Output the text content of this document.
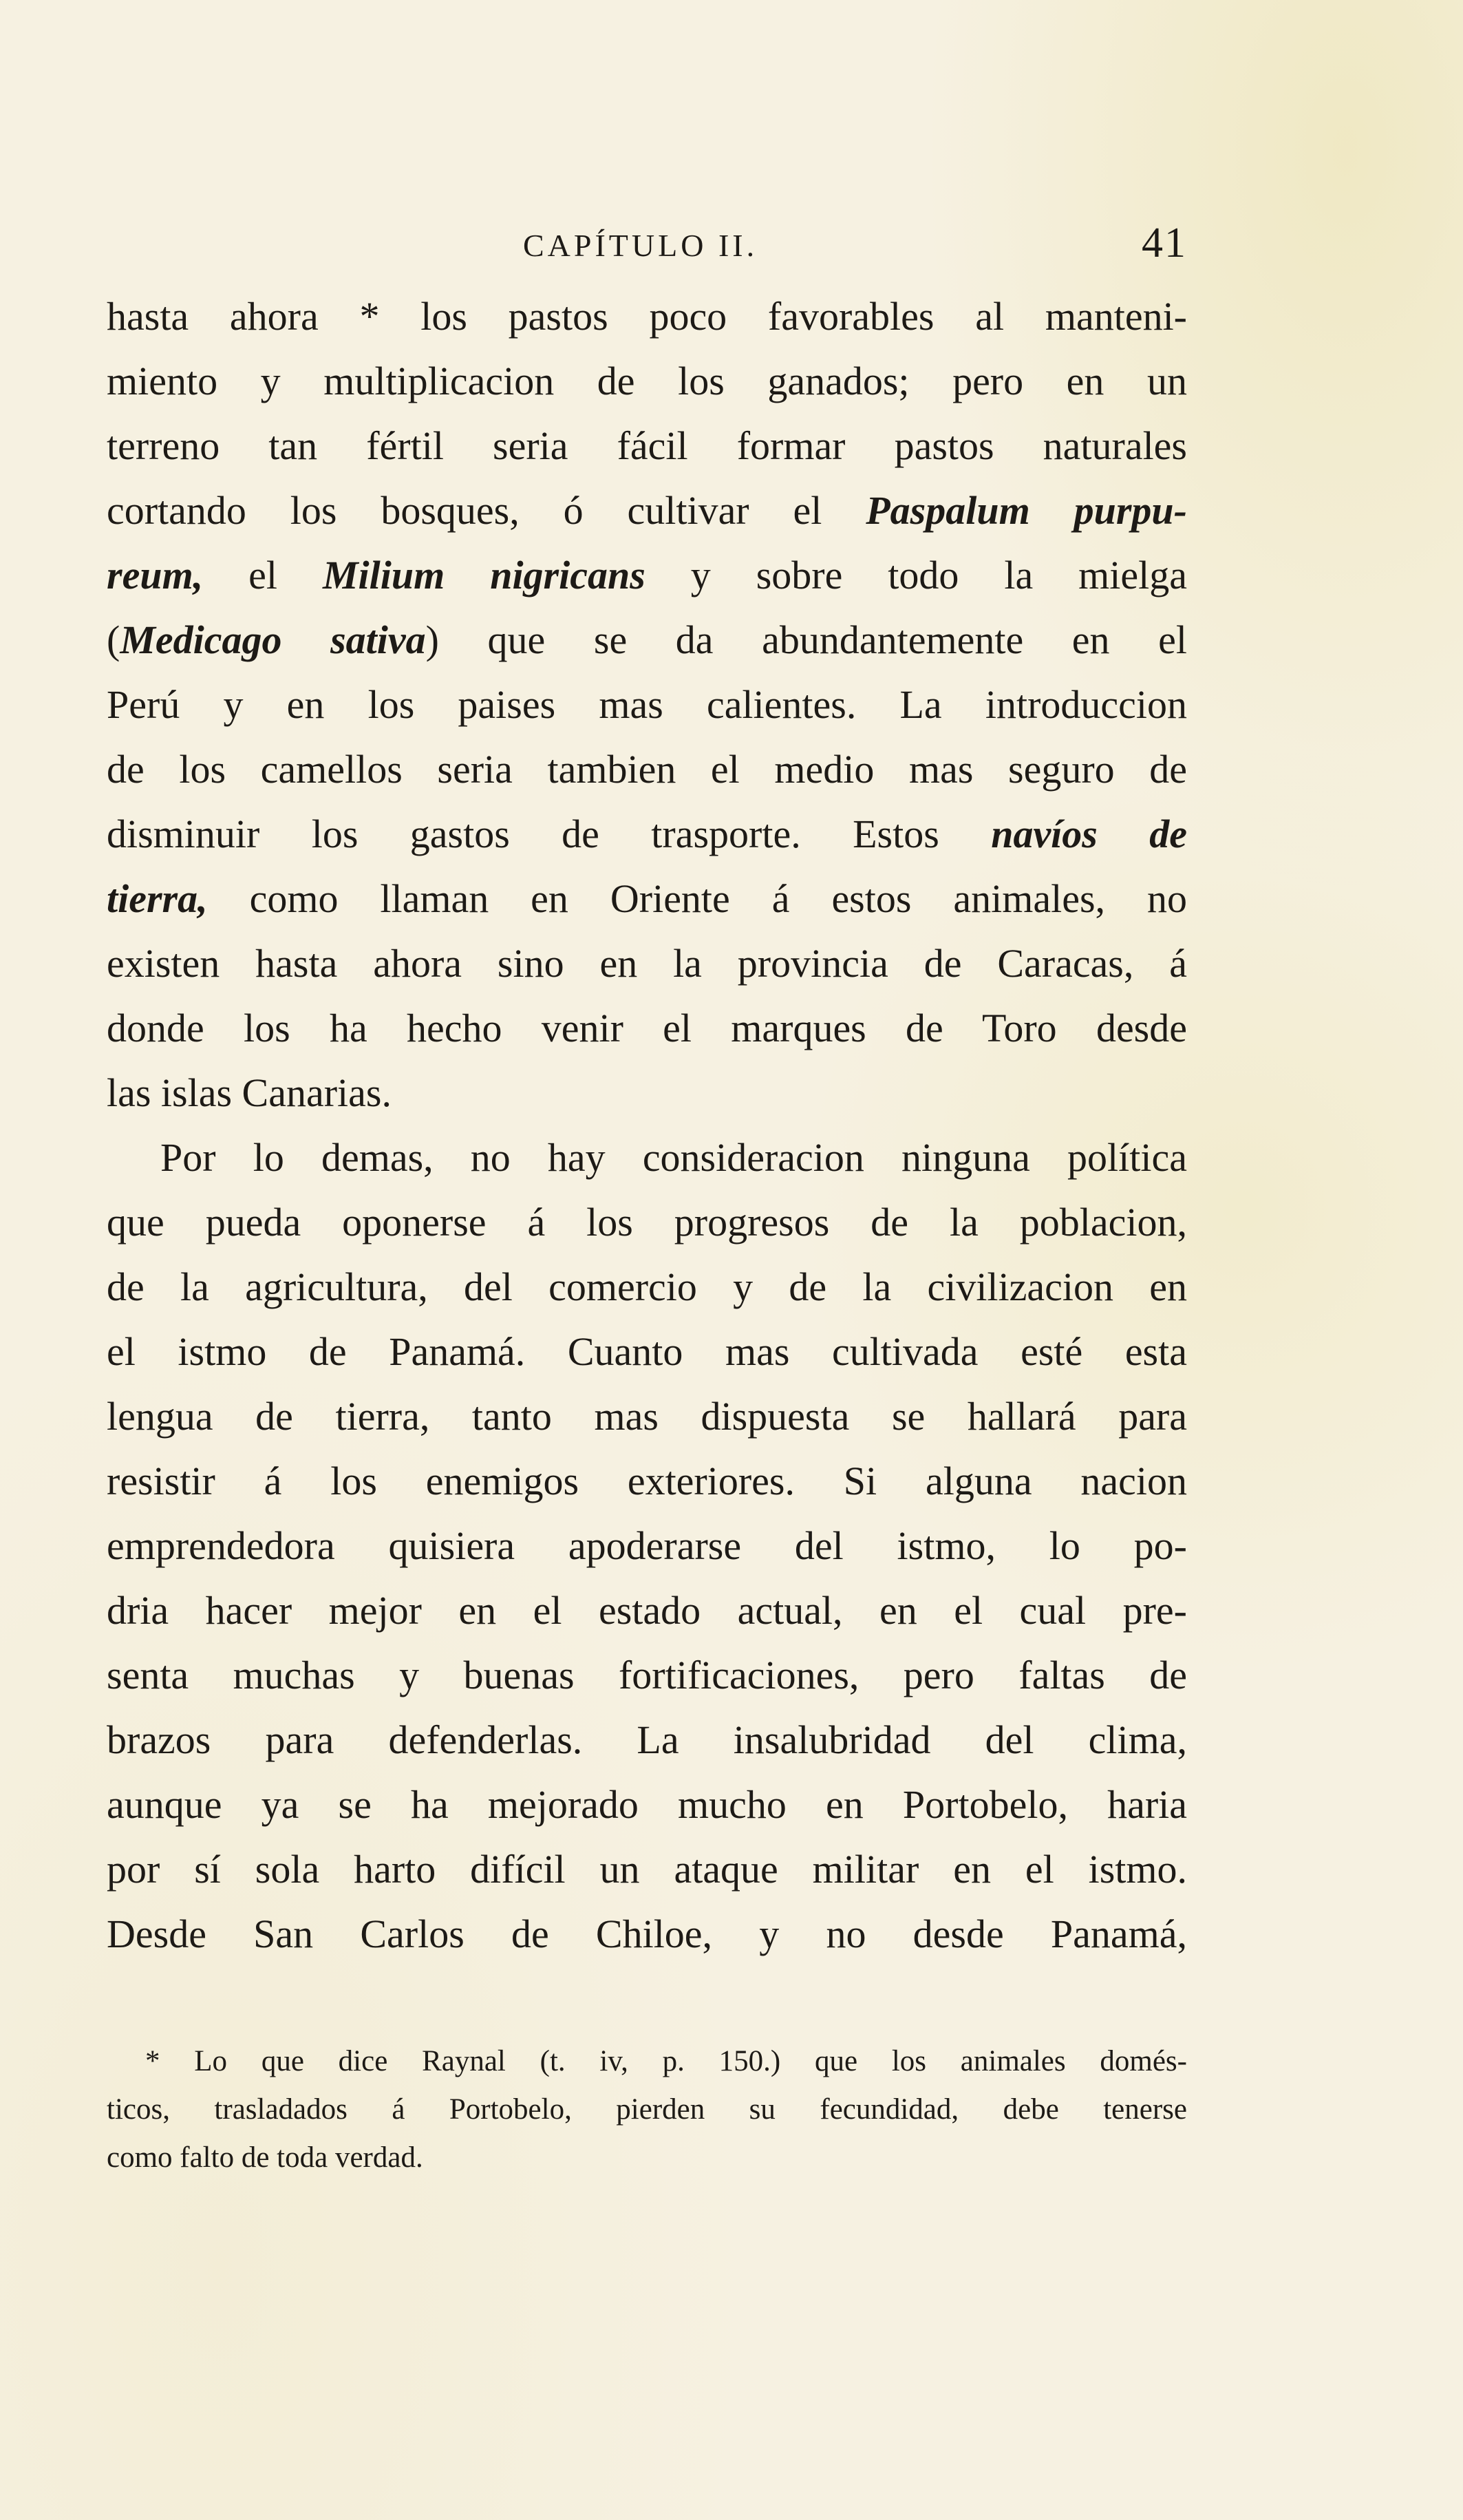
CAPÍTULO II.	41
hasta ahora * los pastos poco favorables al manteni-
miento y multiplicacion de los ganados; pero en un
terreno tan fértil seria fácil formar pastos naturales
cortando los bosques, ó cultivar el Paspalum purpu-
reum, el Milium nigricans y sobre todo la mielga
(Medicago sativa) que se da abundantemente en el
Perú y en los paises mas calientes. La introduccion
de los camellos seria tambien el medio mas seguro de
disminuir los gastos de trasporte. Estos navíos de
tierra, como llaman en Oriente á estos animales, no
existen hasta ahora sino en la provincia de Caracas, á
donde los ha hecho venir el marques de Toro desde
las islas Canarias.
Por lo demas, no hay consideracion ninguna política
que pueda oponerse á los progresos de la poblacion,
de la agricultura, del comercio y de la civilizacion en
el istmo de Panamá. Cuanto mas cultivada esté esta
lengua de tierra, tanto mas dispuesta se hallará para
resistir á los enemigos exteriores. Si alguna nacion
emprendedora quisiera apoderarse del istmo, lo po-
dria hacer mejor en el estado actual, en el cual pre-
senta muchas y buenas fortificaciones, pero faltas de
brazos para defenderlas. La insalubridad del clima,
aunque ya se ha mejorado mucho en Portobelo, haria
por sí sola harto difícil un ataque militar en el istmo.
Desde San Carlos de Chiloe, y no desde Panamá,
* Lo que dice Raynal (t. iv, p. 150.) que los animales domés-
ticos, trasladados á Portobelo, pierden su fecundidad, debe tenerse
como falto de toda verdad.
